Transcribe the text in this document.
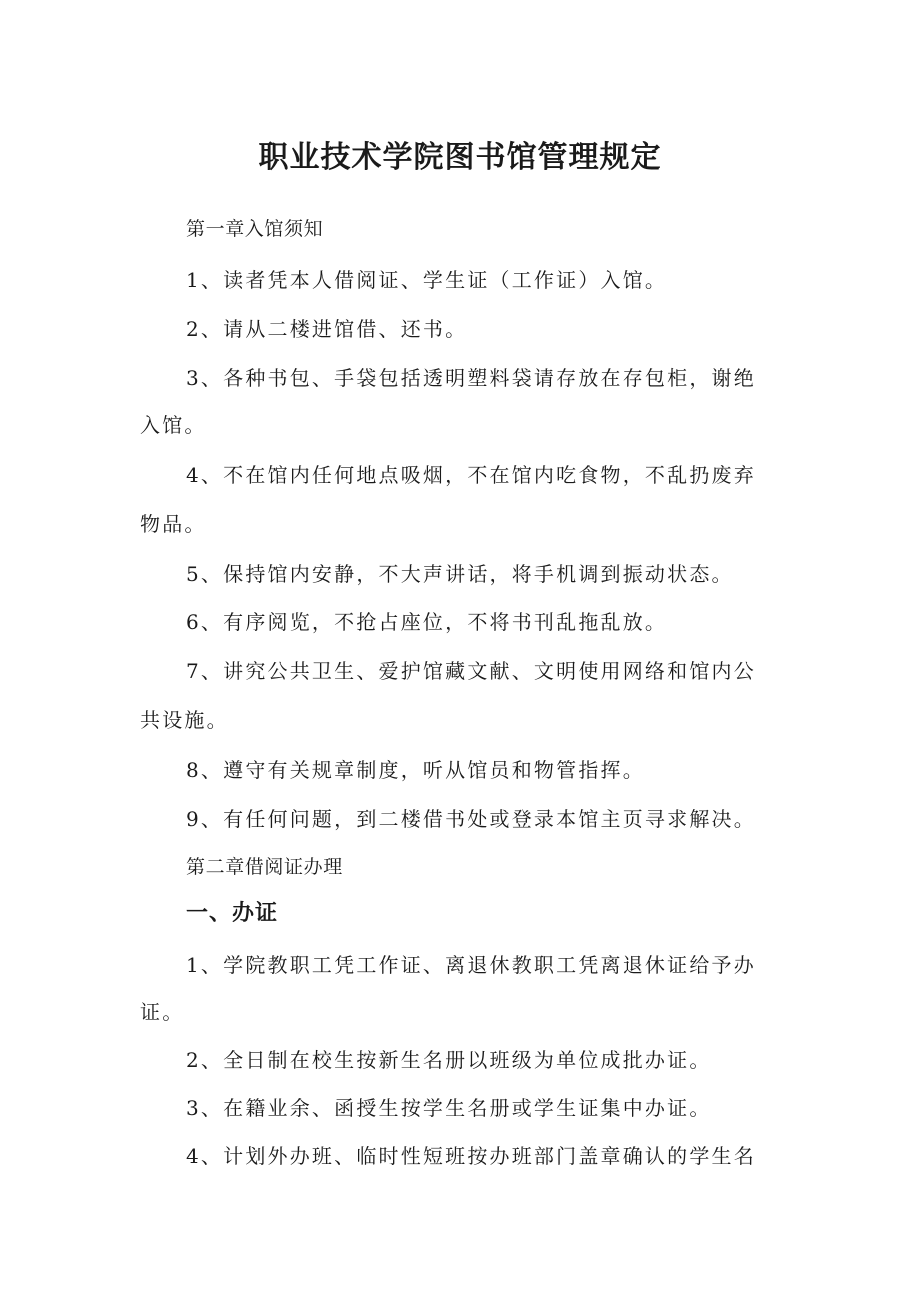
职业技术学院图书馆管理规定
第一章入馆须知
1、读者凭本人借阅证、学生证（工作证）入馆。
2、请从二楼进馆借、还书。
3、各种书包、手袋包括透明塑料袋请存放在存包柜，谢绝
入馆。
4、不在馆内任何地点吸烟，不在馆内吃食物，不乱扔废弃
物品。
5、保持馆内安静，不大声讲话，将手机调到振动状态。
6、有序阅览，不抢占座位，不将书刊乱拖乱放。
7、讲究公共卫生、爱护馆藏文献、文明使用网络和馆内公
共设施。
8、遵守有关规章制度，听从馆员和物管指挥。
9、有任何问题，到二楼借书处或登录本馆主页寻求解决。
第二章借阅证办理
一、办证
1、学院教职工凭工作证、离退休教职工凭离退休证给予办
证。
2、全日制在校生按新生名册以班级为单位成批办证。
3、在籍业余、函授生按学生名册或学生证集中办证。
4、计划外办班、临时性短班按办班部门盖章确认的学生名
